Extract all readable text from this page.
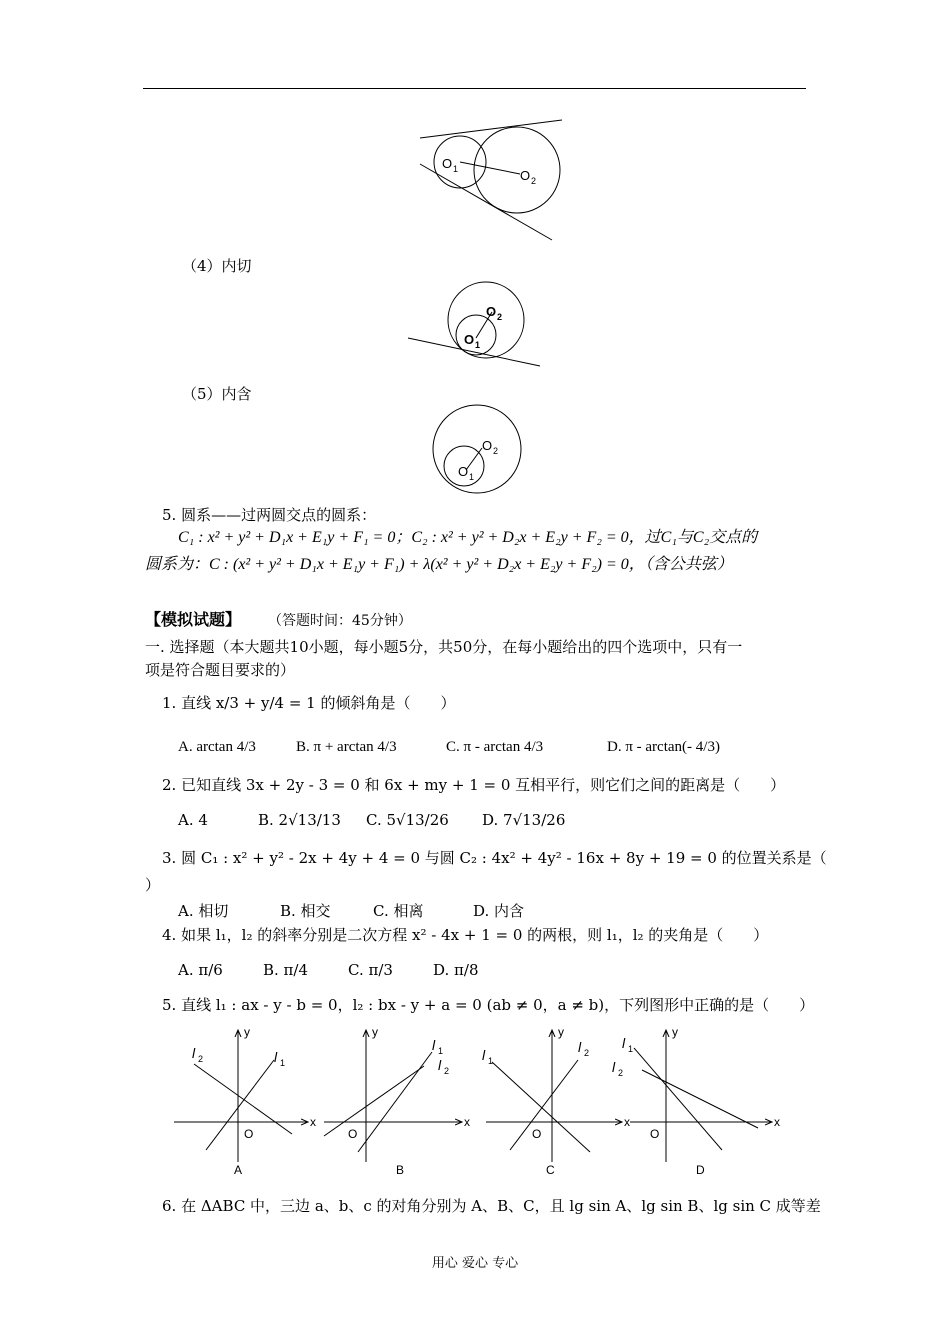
O 1	O 2
（4）内切
O 2
O 1
（5）内含
O 2
O 1
5. 圆系——过两圆交点的圆系：
C₁ : x² + y² + D₁x + E₁y + F₁ = 0；C₂ : x² + y² + D₂x + E₂y + F₂ = 0，过C₁与C₂交点的
圆系为：C : (x² + y² + D₁x + E₁y + F₁) + λ(x² + y² + D₂x + E₂y + F₂) = 0，（含公共弦）
【模拟试题】 （答题时间：45分钟）
一. 选择题（本大题共10小题，每小题5分，共50分，在每小题给出的四个选项中，只有一
项是符合题目要求的）
1. 直线 x/3 + y/4 = 1 的倾斜角是（　　）
A. arctan 4/3	B. π + arctan 4/3	C. π - arctan 4/3	D. π - arctan(- 4/3)
2. 已知直线 3x + 2y - 3 = 0 和 6x + my + 1 = 0 互相平行，则它们之间的距离是（　　）
A. 4	B. 2√13/13 C. 5√13/26 D. 7√13/26
3. 圆 C₁ : x² + y² - 2x + 4y + 4 = 0 与圆 C₂ : 4x² + 4y² - 16x + 8y + 19 = 0 的位置关系是（
）
A. 相切	B. 相交	C. 相离	D. 内含
4. 如果 l₁，l₂ 的斜率分别是二次方程 x² - 4x + 1 = 0 的两根，则 l₁，l₂ 的夹角是（　　）
A. π/6	B. π/4	C. π/3	D. π/8
5. 直线 l₁ : ax - y - b = 0，l₂ : bx - y + a = 0 (ab ≠ 0，a ≠ b)，下列图形中正确的是（　　）
y
x
O
l 2	l 1
A
y
x
O
l 1
l 2
B
y
x
O
l 1
l 2
C
y
x
O
l 1
l 2
D
6. 在 ΔABC 中，三边 a、b、c 的对角分别为 A、B、C，且 lg sin A、lg sin B、lg sin C 成等差
用心 爱心 专心
